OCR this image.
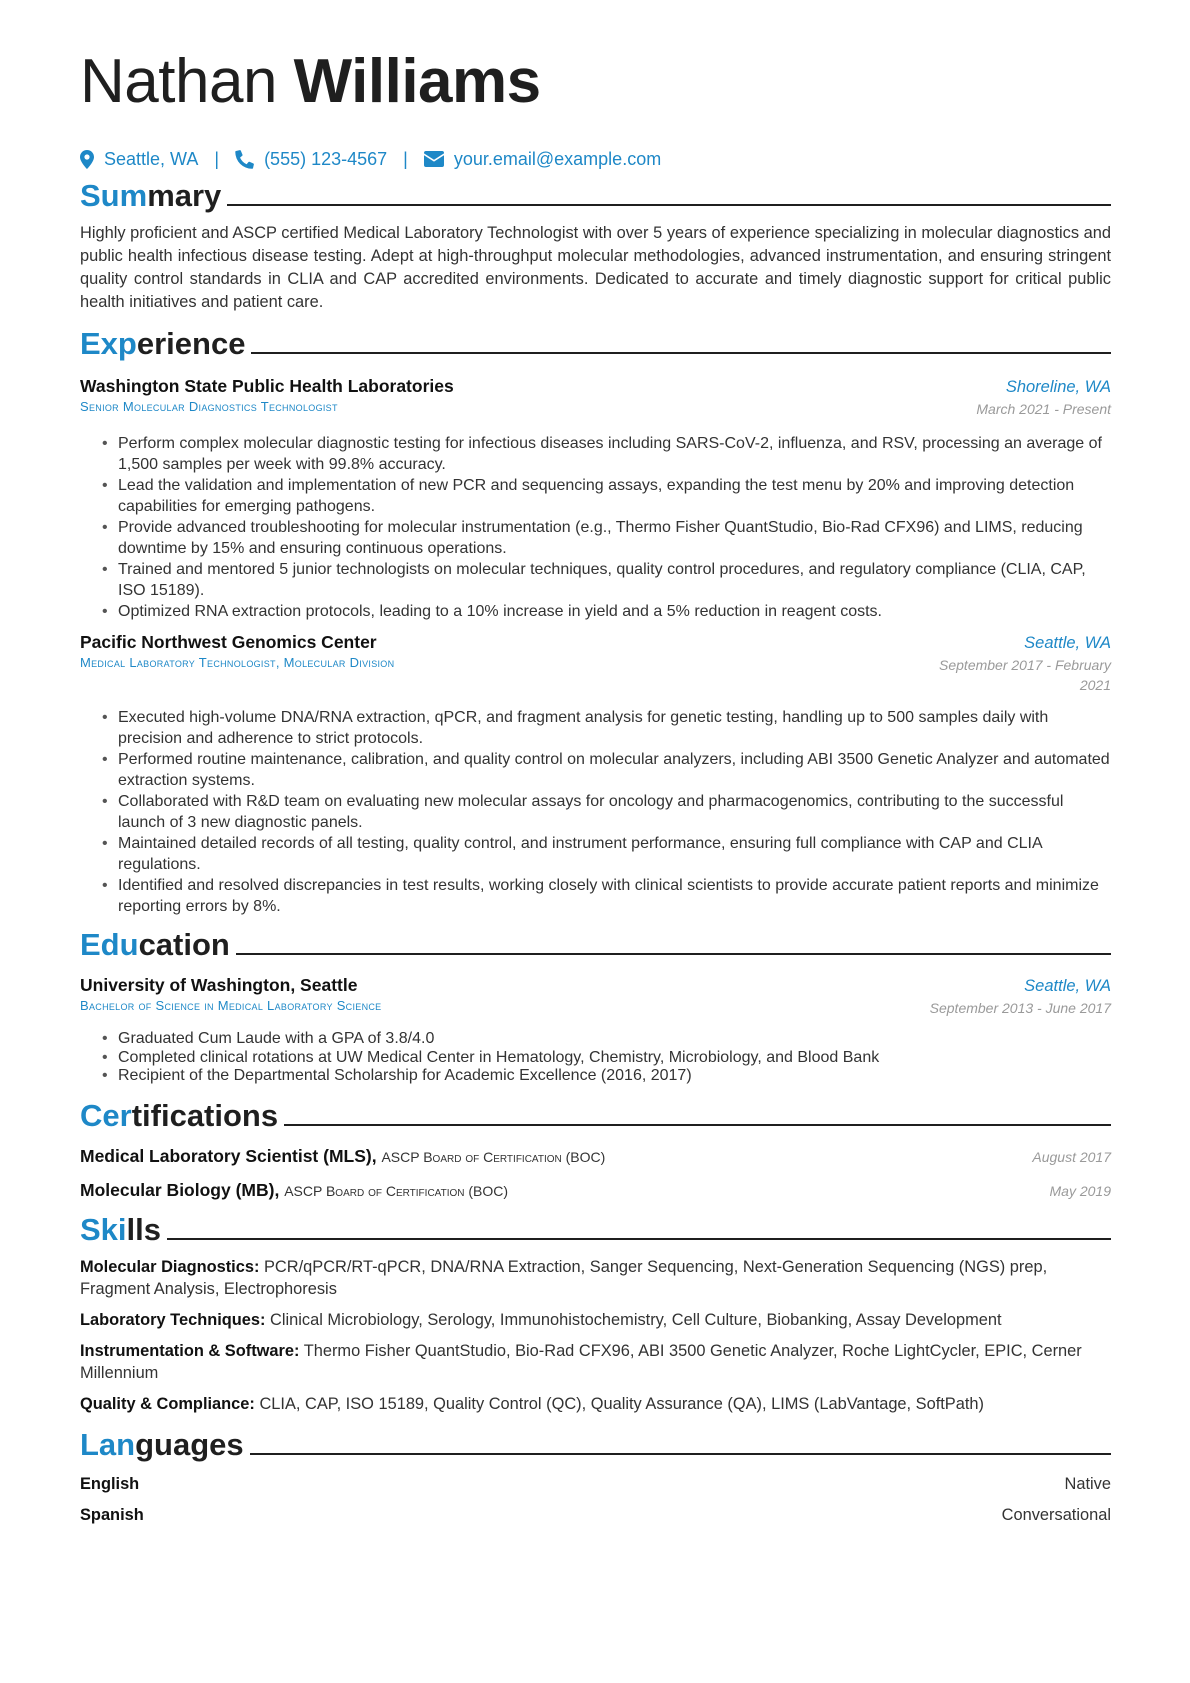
Nathan Williams
Seattle, WA |	(555) 123-4567 |	your.email@example.com
Summary

Highly proficient and ASCP certified Medical Laboratory Technologist with over 5 years of experience specializing in molecular diagnostics and public health infectious disease testing. Adept at high-throughput molecular methodologies, advanced instrumentation, and ensuring stringent quality control standards in CLIA and CAP accredited environments. Dedicated to accurate and timely diagnostic support for critical public health initiatives and patient care.

Experience
Washington State Public Health Laboratories	Shoreline, WA
Senior Molecular Diagnostics Technologist	March 2021 - Present
• Perform complex molecular diagnostic testing for infectious diseases including SARS-CoV-2, influenza, and RSV, processing an average of 1,500 samples per week with 99.8% accuracy.
• Lead the validation and implementation of new PCR and sequencing assays, expanding the test menu by 20% and improving detection capabilities for emerging pathogens.
• Provide advanced troubleshooting for molecular instrumentation (e.g., Thermo Fisher QuantStudio, Bio-Rad CFX96) and LIMS, reducing downtime by 15% and ensuring continuous operations.
• Trained and mentored 5 junior technologists on molecular techniques, quality control procedures, and regulatory compliance (CLIA, CAP, ISO 15189).
• Optimized RNA extraction protocols, leading to a 10% increase in yield and a 5% reduction in reagent costs.
Pacific Northwest Genomics Center	Seattle, WA
Medical Laboratory Technologist, Molecular Division	September 2017 - February 2021
• Executed high-volume DNA/RNA extraction, qPCR, and fragment analysis for genetic testing, handling up to 500 samples daily with precision and adherence to strict protocols.
• Performed routine maintenance, calibration, and quality control on molecular analyzers, including ABI 3500 Genetic Analyzer and automated extraction systems.
• Collaborated with R&D team on evaluating new molecular assays for oncology and pharmacogenomics, contributing to the successful launch of 3 new diagnostic panels.
• Maintained detailed records of all testing, quality control, and instrument performance, ensuring full compliance with CAP and CLIA regulations.
• Identified and resolved discrepancies in test results, working closely with clinical scientists to provide accurate patient reports and minimize reporting errors by 8%.
Education
University of Washington, Seattle	Seattle, WA
Bachelor of Science in Medical Laboratory Science	September 2013 - June 2017
• Graduated Cum Laude with a GPA of 3.8/4.0
• Completed clinical rotations at UW Medical Center in Hematology, Chemistry, Microbiology, and Blood Bank
• Recipient of the Departmental Scholarship for Academic Excellence (2016, 2017)
Certifications
Medical Laboratory Scientist (MLS), ASCP Board of Certification (BOC)	August 2017
Molecular Biology (MB), ASCP Board of Certification (BOC)	May 2019
Skills
Molecular Diagnostics: PCR/qPCR/RT-qPCR, DNA/RNA Extraction, Sanger Sequencing, Next-Generation Sequencing (NGS) prep, Fragment Analysis, Electrophoresis
Laboratory Techniques: Clinical Microbiology, Serology, Immunohistochemistry, Cell Culture, Biobanking, Assay Development
Instrumentation & Software: Thermo Fisher QuantStudio, Bio-Rad CFX96, ABI 3500 Genetic Analyzer, Roche LightCycler, EPIC, Cerner Millennium
Quality & Compliance: CLIA, CAP, ISO 15189, Quality Control (QC), Quality Assurance (QA), LIMS (LabVantage, SoftPath)
Languages
English	Native
Spanish	Conversational
